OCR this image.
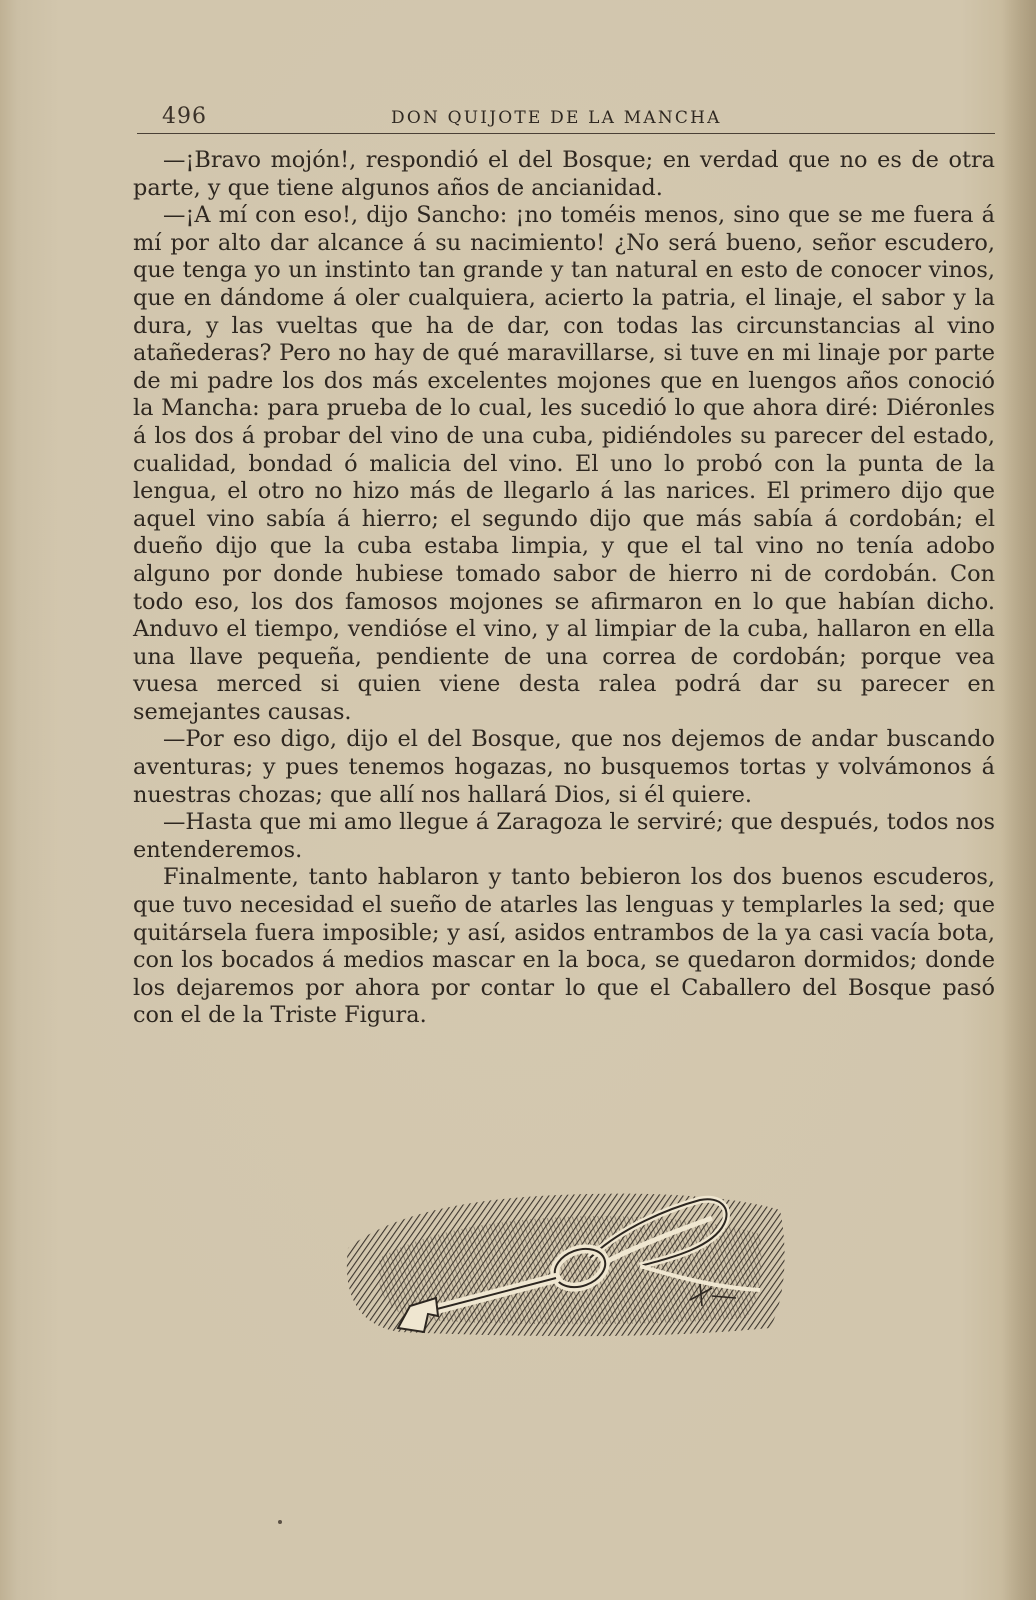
496	DON QUIJOTE DE LA MANCHA

—¡Bravo mojón!, respondió el del Bosque; en verdad que no es de otra parte, y que tiene algunos años de ancianidad.

—¡A mí con eso!, dijo Sancho: ¡no toméis menos, sino que se me fuera á mí por alto dar alcance á su nacimiento! ¿No será bueno, señor escudero, que tenga yo un instinto tan grande y tan natural en esto de conocer vinos, que en dándome á oler cualquiera, acierto la patria, el linaje, el sabor y la dura, y las vueltas que ha de dar, con todas las circunstancias al vino atañederas? Pero no hay de qué maravillarse, si tuve en mi linaje por parte de mi padre los dos más excelentes mojones que en luengos años conoció la Mancha: para prueba de lo cual, les sucedió lo que ahora diré: Diéronles á los dos á probar del vino de una cuba, pidiéndoles su parecer del estado, cualidad, bondad ó malicia del vino. El uno lo probó con la punta de la lengua, el otro no hizo más de llegarlo á las narices. El primero dijo que aquel vino sabía á hierro; el segundo dijo que más sabía á cordobán; el dueño dijo que la cuba estaba limpia, y que el tal vino no tenía adobo alguno por donde hubiese tomado sabor de hierro ni de cordobán. Con todo eso, los dos famosos mojones se afirmaron en lo que habían dicho. Anduvo el tiempo, vendióse el vino, y al limpiar de la cuba, hallaron en ella una llave pequeña, pendiente de una correa de cordobán; porque vea vuesa merced si quien viene desta ralea podrá dar su parecer en semejantes causas.

—Por eso digo, dijo el del Bosque, que nos dejemos de andar buscando aventuras; y pues tenemos hogazas, no busquemos tortas y volvámonos á nuestras chozas; que allí nos hallará Dios, si él quiere.

—Hasta que mi amo llegue á Zaragoza le serviré; que después, todos nos entenderemos.

Finalmente, tanto hablaron y tanto bebieron los dos buenos escuderos, que tuvo necesidad el sueño de atarles las lenguas y templarles la sed; que quitársela fuera imposible; y así, asidos entrambos de la ya casi vacía bota, con los bocados á medios mascar en la boca, se quedaron dormidos; donde los dejaremos por ahora por contar lo que el Caballero del Bosque pasó con el de la Triste Figura.
